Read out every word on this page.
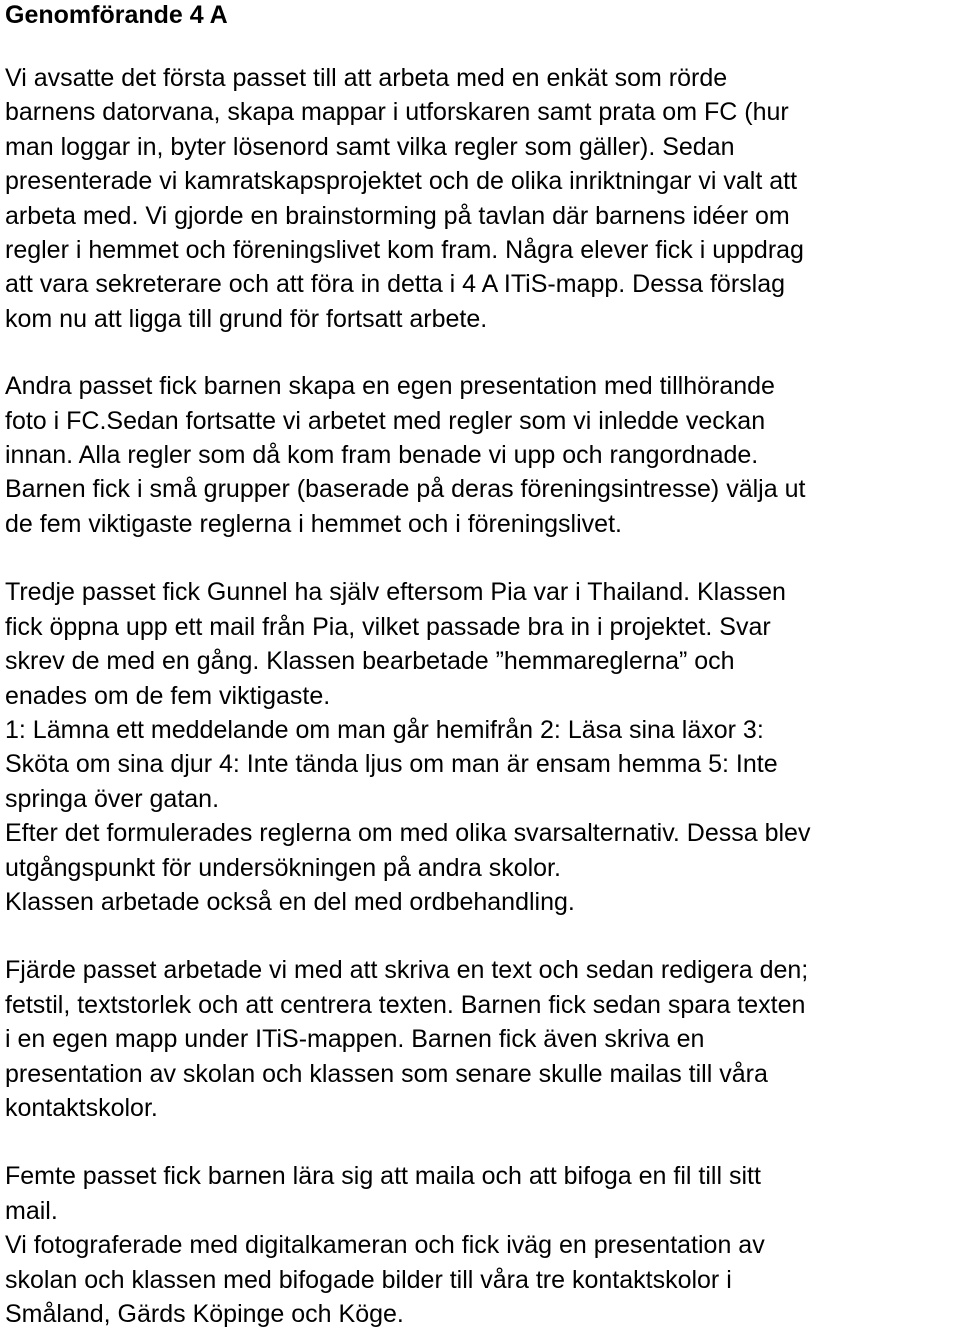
Genomförande 4 A
Vi avsatte det första passet till att arbeta med en enkät som rörde
barnens datorvana, skapa mappar i utforskaren samt prata om FC (hur
man loggar in, byter lösenord samt vilka regler som gäller). Sedan
presenterade vi kamratskapsprojektet och de olika inriktningar vi valt att
arbeta med. Vi gjorde en brainstorming på tavlan där barnens idéer om
regler i hemmet och föreningslivet kom fram. Några elever fick i uppdrag
att vara sekreterare och att föra in detta i 4 A ITiS-mapp. Dessa förslag
kom nu att ligga till grund för fortsatt arbete.
Andra passet fick barnen skapa en egen presentation med tillhörande
foto i FC.Sedan fortsatte vi arbetet med regler som vi inledde veckan
innan. Alla regler som då kom fram benade vi upp och rangordnade.
Barnen fick i små grupper (baserade på deras föreningsintresse) välja ut
de fem viktigaste reglerna i hemmet och i föreningslivet.
Tredje passet fick Gunnel ha själv eftersom Pia var i Thailand. Klassen
fick öppna upp ett mail från Pia, vilket passade bra in i projektet. Svar
skrev de med en gång. Klassen bearbetade ”hemmareglerna” och
enades om de fem viktigaste.
1: Lämna ett meddelande om man går hemifrån 2: Läsa sina läxor 3:
Sköta om sina djur 4: Inte tända ljus om man är ensam hemma 5: Inte
springa över gatan.
Efter det formulerades reglerna om med olika svarsalternativ. Dessa blev
utgångspunkt för undersökningen på andra skolor.
Klassen arbetade också en del med ordbehandling.
Fjärde passet arbetade vi med att skriva en text och sedan redigera den;
fetstil, textstorlek och att centrera texten. Barnen fick sedan spara texten
i en egen mapp under ITiS-mappen. Barnen fick även skriva en
presentation av skolan och klassen som senare skulle mailas till våra
kontaktskolor.
Femte passet fick barnen lära sig att maila och att bifoga en fil till sitt
mail.
Vi fotograferade med digitalkameran och fick iväg en presentation av
skolan och klassen med bifogade bilder till våra tre kontaktskolor i
Småland, Gärds Köpinge och Köge.
